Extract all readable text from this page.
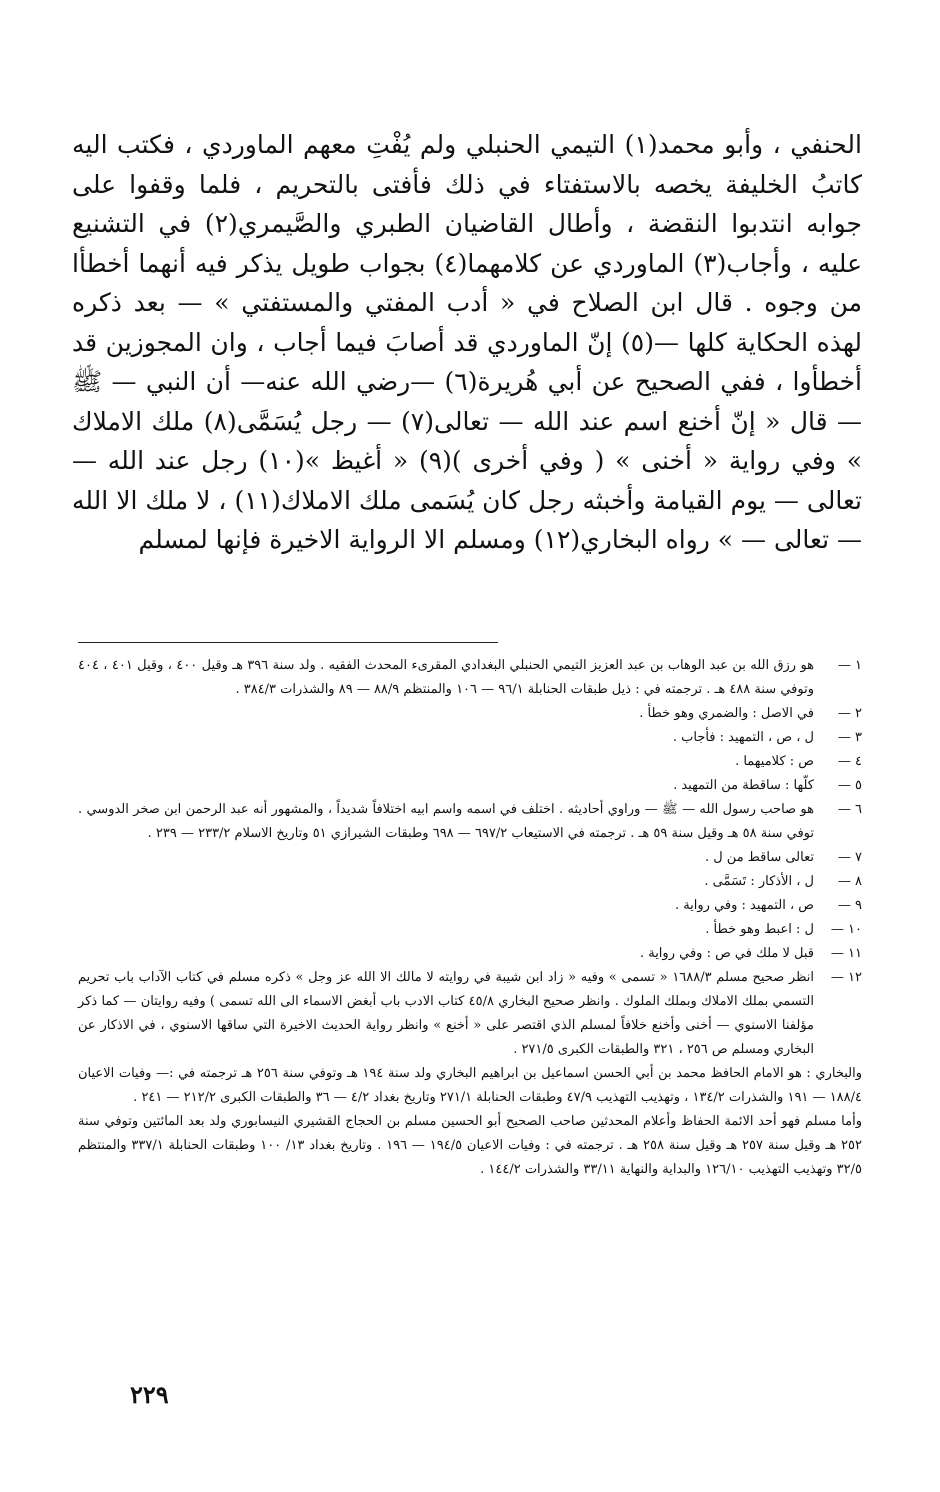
الحنفي ، وأبو محمد(١) التيمي الحنبلي ولم يُفْتِ معهم الماوردي ، فكتب اليه كاتبُ الخليفة يخصه بالاستفتاء في ذلك فأفتى بالتحريم ، فلما وقفوا على جوابه انتدبوا النقضة ، وأطال القاضيان الطبري والصَّيمري(٢) في التشنيع عليه ، وأجاب(٣) الماوردي عن كلامهما(٤) بجواب طويل يذكر فيه أنهما أخطأا من وجوه . قال ابن الصلاح في « أدب المفتي والمستفتي » — بعد ذكره لهذه الحكاية كلها —(٥) إنّ الماوردي قد أصابَ فيما أجاب ، وان المجوزين قد أخطأوا ، ففي الصحيح عن أبي هُريرة(٦) —رضي الله عنه— أن النبي — ﷺ — قال « إنّ أخنع اسم عند الله — تعالى(٧) — رجل يُسَمَّى(٨) ملك الاملاك » وفي رواية « أخنى » ( وفي أخرى )(٩) « أغيظ »(١٠) رجل عند الله — تعالى — يوم القيامة وأخبثه رجل كان يُسَمى ملك الاملاك(١١) ، لا ملك الا الله — تعالى — » رواه البخاري(١٢) ومسلم الا الرواية الاخيرة فإنها لمسلم

١ —
هو رزق الله بن عبد الوهاب بن عبد العزيز التيمي الحنبلي البغدادي المقرىء المحدث الفقيه . ولد سنة ٣٩٦ هـ وقيل ٤٠٠ ، وقيل ٤٠١ ، ٤٠٤ وتوفي سنة ٤٨٨ هـ . ترجمته في : ذيل طبقات الحنابلة ٩٦/١ — ١٠٦ والمنتظم ٨٨/٩ — ٨٩ والشذرات ٣٨٤/٣ .
٢ —
في الاصل : والضمري وهو خطأ .
٣ —
ل ، ص ، التمهيد : فأجاب .
٤ —
ص : كلاميهما .
٥ —
كلّها : ساقطة من التمهيد .
٦ —
هو صاحب رسول الله — ﷺ — وراوي أحاديثه . اختلف في اسمه واسم ابيه اختلافاً شديداً ، والمشهور أنه عبد الرحمن ابن صخر الدوسي . توفي سنة ٥٨ هـ وقيل سنة ٥٩ هـ . ترجمته في الاستيعاب ٦٩٧/٢ — ٦٩٨ وطبقات الشيرازي ٥١ وتاريخ الاسلام ٢٣٣/٢ — ٢٣٩ .
٧ —
تعالى ساقط من ل .
٨ —
ل ، الأذكار : تَسَمَّى .
٩ —
ص ، التمهيد : وفي رواية .
١٠ —
ل : اعبط وهو خطأ .
١١ —
قبل لا ملك في ص : وفي رواية .
١٢ —
انظر صحيح مسلم ١٦٨٨/٣ « تسمى » وفيه « زاد ابن شيبة في روايته لا مالك الا الله عز وجل » ذكره مسلم في كتاب الآداب باب تحريم التسمي بملك الاملاك وبملك الملوك . وانظر صحيح البخاري ٤٥/٨ كتاب الادب باب أبغض الاسماء الى الله تسمى ) وفيه روايتان — كما ذكر مؤلفنا الاسنوي — أخنى وأخنع خلافاً لمسلم الذي اقتصر على « أخنع » وانظر رواية الحديث الاخيرة التي ساقها الاسنوي ، في الاذكار عن البخاري ومسلم ص ٢٥٦ ، ٣٢١ والطبقات الكبرى ٢٧١/٥ .
والبخاري : هو الامام الحافظ محمد بن أبي الحسن اسماعيل بن ابراهيم البخاري ولد سنة ١٩٤ هـ وتوفي سنة ٢٥٦ هـ ترجمته في :— وفيات الاعيان ١٨٨/٤ — ١٩١ والشذرات ١٣٤/٢ ، وتهذيب التهذيب ٤٧/٩ وطبقات الحنابلة ٢٧١/١ وتاريخ بغداد ٤/٢ — ٣٦ والطبقات الكبرى ٢١٢/٢ — ٢٤١ .
وأما مسلم فهو أحد الائمة الحفاظ وأعلام المحدثين صاحب الصحيح أبو الحسين مسلم بن الحجاج القشيري النيسابوري ولد بعد المائتين وتوفي سنة ٢٥٢ هـ وقيل سنة ٢٥٧ هـ وقيل سنة ٢٥٨ هـ . ترجمته في : وفيات الاعيان ١٩٤/٥ — ١٩٦ . وتاريخ بغداد ١٣/ ١٠٠ وطبقات الحنابلة ٣٣٧/١ والمنتظم ٣٢/٥ وتهذيب التهذيب ١٢٦/١٠ والبداية والنهاية ٣٣/١١ والشذرات ١٤٤/٢ .
٢٢٩
